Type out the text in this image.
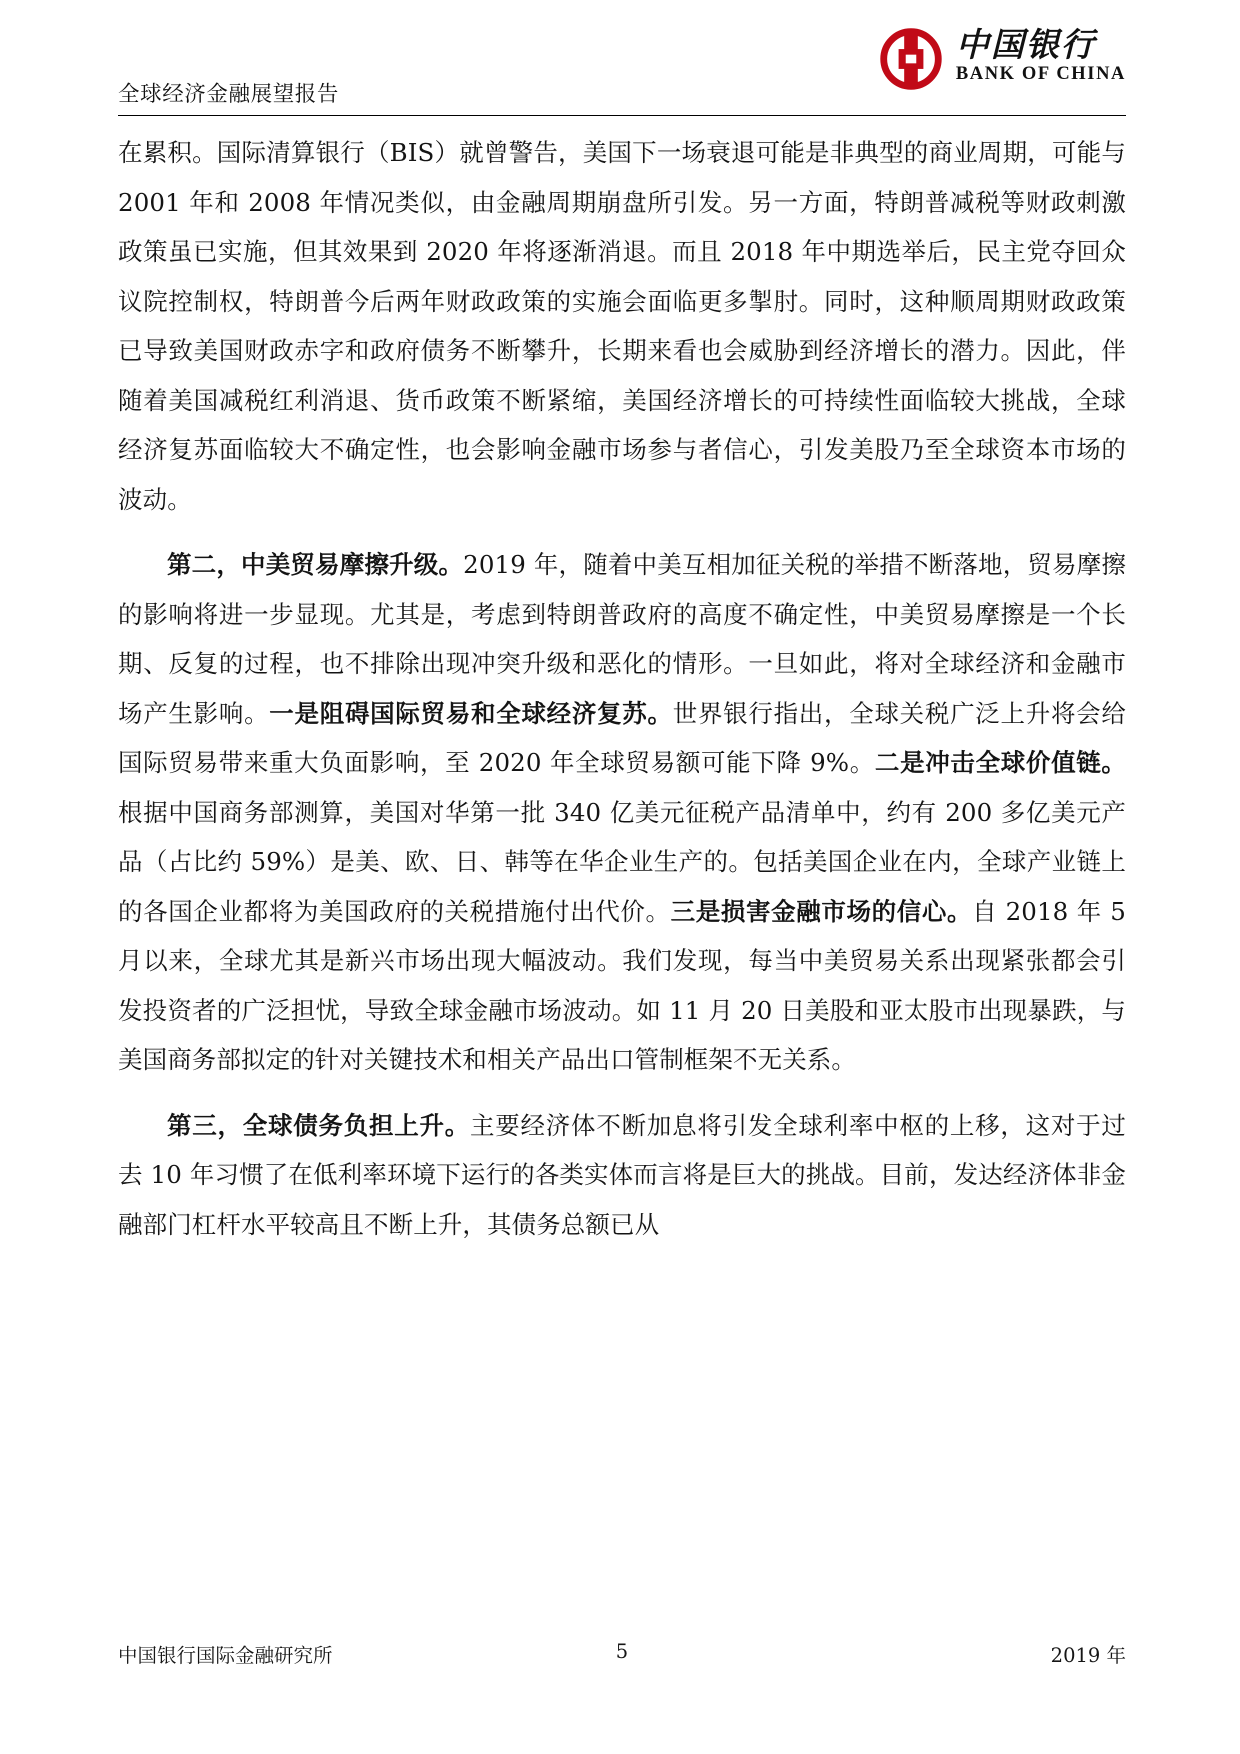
全球经济金融展望报告
中国银行
BANK OF CHINA

在累积。国际清算银行（BIS）就曾警告，美国下一场衰退可能是非典型的商业周期，可能与 2001 年和 2008 年情况类似，由金融周期崩盘所引发。另一方面，特朗普减税等财政刺激政策虽已实施，但其效果到 2020 年将逐渐消退。而且 2018 年中期选举后，民主党夺回众议院控制权，特朗普今后两年财政政策的实施会面临更多掣肘。同时，这种顺周期财政政策已导致美国财政赤字和政府债务不断攀升，长期来看也会威胁到经济增长的潜力。因此，伴随着美国减税红利消退、货币政策不断紧缩，美国经济增长的可持续性面临较大挑战，全球经济复苏面临较大不确定性，也会影响金融市场参与者信心，引发美股乃至全球资本市场的波动。

第二，中美贸易摩擦升级。2019 年，随着中美互相加征关税的举措不断落地，贸易摩擦的影响将进一步显现。尤其是，考虑到特朗普政府的高度不确定性，中美贸易摩擦是一个长期、反复的过程，也不排除出现冲突升级和恶化的情形。一旦如此，将对全球经济和金融市场产生影响。一是阻碍国际贸易和全球经济复苏。世界银行指出，全球关税广泛上升将会给国际贸易带来重大负面影响，至 2020 年全球贸易额可能下降 9%。二是冲击全球价值链。根据中国商务部测算，美国对华第一批 340 亿美元征税产品清单中，约有 200 多亿美元产品（占比约 59%）是美、欧、日、韩等在华企业生产的。包括美国企业在内，全球产业链上的各国企业都将为美国政府的关税措施付出代价。三是损害金融市场的信心。自 2018 年 5 月以来，全球尤其是新兴市场出现大幅波动。我们发现，每当中美贸易关系出现紧张都会引发投资者的广泛担忧，导致全球金融市场波动。如 11 月 20 日美股和亚太股市出现暴跌，与美国商务部拟定的针对关键技术和相关产品出口管制框架不无关系。

第三，全球债务负担上升。主要经济体不断加息将引发全球利率中枢的上移，这对于过去 10 年习惯了在低利率环境下运行的各类实体而言将是巨大的挑战。目前，发达经济体非金融部门杠杆水平较高且不断上升，其债务总额已从

中国银行国际金融研究所	5	2019 年
